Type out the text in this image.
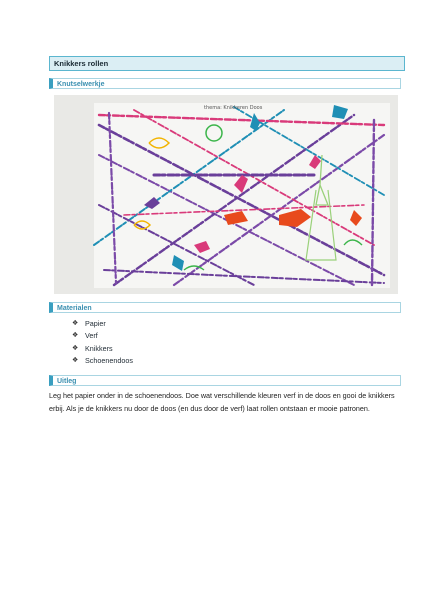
Knikkers rollen
Knutselwerkje
thema: Knikkeren Doos
Materialen
❖ Papier
❖ Verf
❖ Knikkers
❖ Schoenendoos
Uitleg

Leg het papier onder in de schoenendoos. Doe wat verschillende kleuren verf in de doos en gooi de knikkers erbij. Als je de knikkers nu door de doos (en dus door de verf) laat rollen ontstaan er mooie patronen.
